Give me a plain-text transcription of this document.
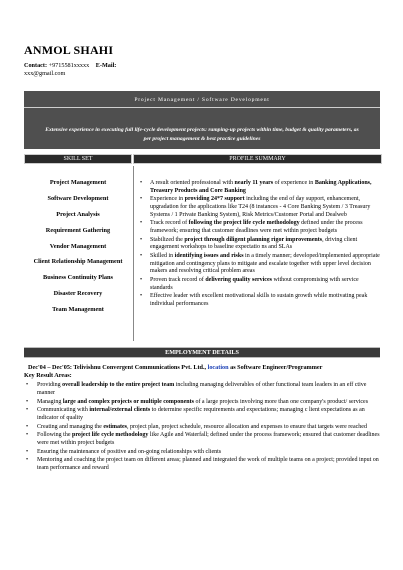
ANMOL SHAHI
Contact: +9715581xxxxx E-Mail:
xxx@gmail.com
Project Management / Software Development
Extensive experience in executing full life-cycle development projects: ramping-up projects within time, budget & quality parameters, as per project management & best practice guidelines
SKILL SET	PROFILE SUMMARY
Project Management
Software Development
Project Analysis
Requirement Gathering
Vendor Management
Client Relationship Management
Business Continuity Plans
Disaster Recovery
Team Management
• A result oriented professional with nearly 11 years of experience in Banking Applications, Treasury Products and Core Banking
• Experience in providing 24*7 support including the end of day support, enhancement, upgradation for the applications like T24 (8 instances - 4 Core Banking System / 3 Treasury Systems / 1 Private Banking System), Risk Metrics/Customer Portal and Dealweb
• Track record of following the project life cycle methodology defined under the process framework; ensuring that customer deadlines were met within project budgets
• Stabilized the project through diligent planning rigor improvements, driving client engagement workshops to baseline expectatio ns and SLAs
• Skilled in identifying issues and risks in a timely manner; developed/implemented appropriate mitigation and contingency plans to mitigate and escalate together with upper level decision makers and resolving critical problem areas
• Proven track record of delivering quality services without compromising with service standards
• Effective leader with excellent motivational skills to sustain growth while motivating peak individual performances
EMPLOYMENT DETAILS
Dec'04 – Dec'05: Telivishnu Convergent Communications Pvt. Ltd., location as Software Engineer/Programmer
Key Result Areas:
• Providing overall leadership to the entire project team including managing deliverables of other functional team leaders in an eff ctive manner
• Managing large and complex projects or multiple components of a large projects involving more than one company's product/ services
• Communicating with internal/external clients to determine specific requirements and expectations; managing c lient expectations as an indicator of quality
• Creating and managing the estimates, project plan, project schedule, resource allocation and expenses to ensure that targets were reached
• Following the project life cycle methodology like Agile and Waterfall; defined under the process framework; ensured that customer deadlines were met within project budgets
• Ensuring the maintenance of positive and on-going relationships with clients
• Mentoring and coaching the project team on different areas; planned and integrated the work of multiple teams on a project; provided input on team performance and reward
